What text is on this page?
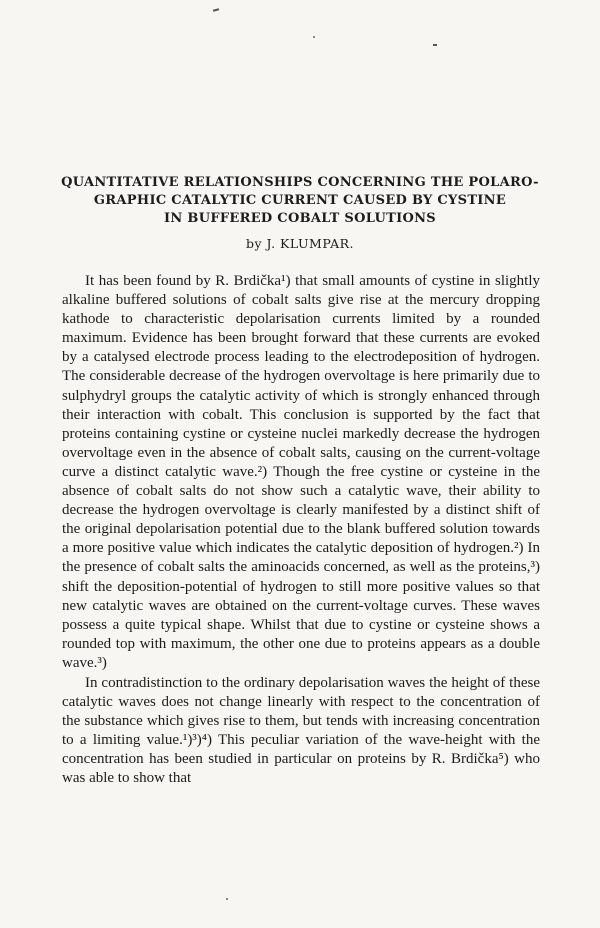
QUANTITATIVE RELATIONSHIPS CONCERNING THE POLARO-
GRAPHIC CATALYTIC CURRENT CAUSED BY CYSTINE
IN BUFFERED COBALT SOLUTIONS
by J. KLUMPAR.

It has been found by R. Brdička¹) that small amounts of cystine in slightly alkaline buffered solutions of cobalt salts give rise at the mercury dropping kathode to characteristic depolarisation currents limited by a rounded maximum. Evidence has been brought forward that these currents are evoked by a catalysed electrode process leading to the electrodeposition of hydrogen. The considerable decrease of the hydrogen overvoltage is here primarily due to sulphydryl groups the catalytic activity of which is strongly enhanced through their interaction with cobalt. This conclusion is supported by the fact that proteins containing cystine or cysteine nuclei markedly decrease the hydrogen overvoltage even in the absence of cobalt salts, causing on the current-voltage curve a distinct catalytic wave.²) Though the free cystine or cysteine in the absence of cobalt salts do not show such a catalytic wave, their ability to decrease the hydrogen overvoltage is clearly manifested by a distinct shift of the original depolarisation potential due to the blank buffered solution towards a more positive value which indicates the catalytic deposition of hydrogen.²) In the presence of cobalt salts the aminoacids concerned, as well as the proteins,³) shift the deposition-potential of hydrogen to still more positive values so that new catalytic waves are obtained on the current-voltage curves. These waves possess a quite typical shape. Whilst that due to cystine or cysteine shows a rounded top with maximum, the other one due to proteins appears as a double wave.³)

In contradistinction to the ordinary depolarisation waves the height of these catalytic waves does not change linearly with respect to the concentration of the substance which gives rise to them, but tends with increasing concentration to a limiting value.¹)³)⁴) This peculiar variation of the wave-height with the concentration has been studied in particular on proteins by R. Brdička⁵) who was able to show that
